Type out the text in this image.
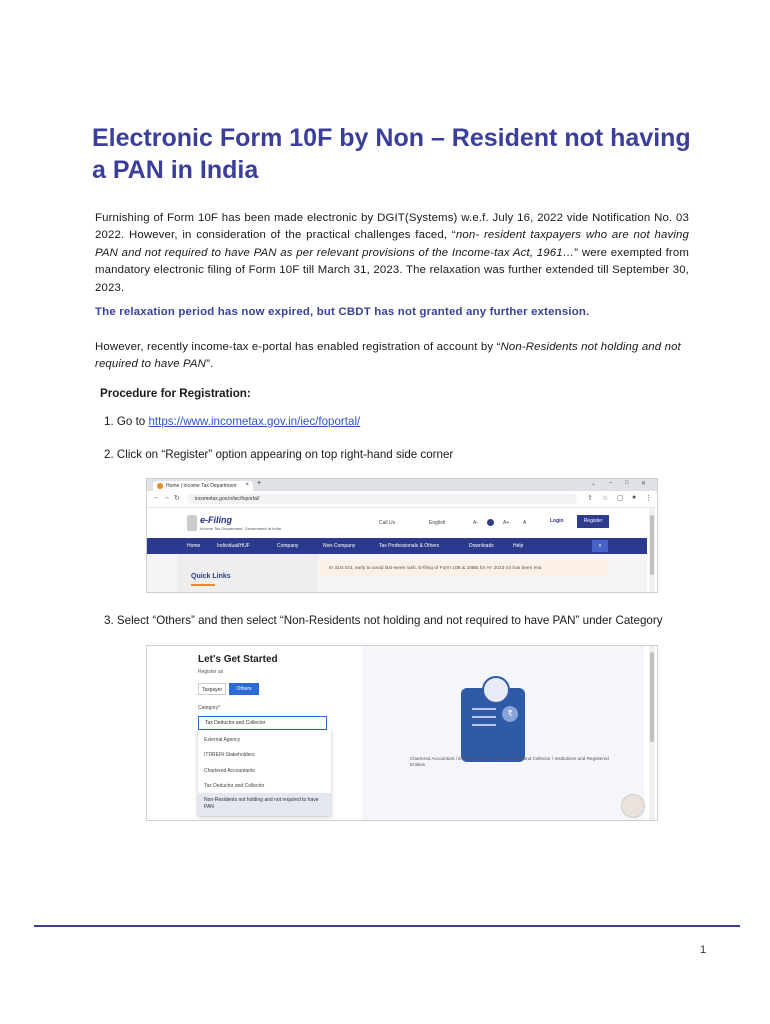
Electronic Form 10F by Non – Resident not having a PAN in India

Furnishing of Form 10F has been made electronic by DGIT(Systems) w.e.f. July 16, 2022 vide Notification No. 03 2022. However, in consideration of the practical challenges faced, “non- resident taxpayers who are not having PAN and not required to have PAN as per relevant provisions of the Income-tax Act, 1961…” were exempted from mandatory electronic filing of Form 10F till March 31, 2023. The relaxation was further extended till September 30, 2023.

The relaxation period has now expired, but CBDT has not granted any further extension.

However, recently income-tax e-portal has enabled registration of account by “Non-Residents not holding and not required to have PAN”.

Procedure for Registration:

1. Go to https://www.incometax.gov.in/iec/foportal/

2. Click on “Register” option appearing on top right-hand side corner

Home | Income Tax Department × +	⌄ – □ ✕
← → ↻	incometax.gov.in/iec/foportal/	⇪ ☆ ▢ ● ⋮
e-Filing
Income Tax Department, Government of India
Call Us	English	A-	A+	A	Login	Register
Home	Individual/HUF	Company	Non-Company	Tax Professionals & Others	Downloads	Help	⌕
Quick Links
In 31st Oct, early to avoid last-week rush, E-filing of Form 10B & 10BB for AY 2023-24 has been ena

3. Select “Others” and then select “Non-Residents not holding and not required to have PAN” under Category

₹
Chartered Accountant / External Agency / Tax Deductor and Collector / Institutions and Registered Entities
Let's Get Started
Register as
Taxpayer	Others
Category*
Tax Deductor and Collector
External Agency
ITDREIN Stakeholders
Chartered Accountants
Tax Deductor and Collector
Non-Residents not holding and not required to have PAN
1
